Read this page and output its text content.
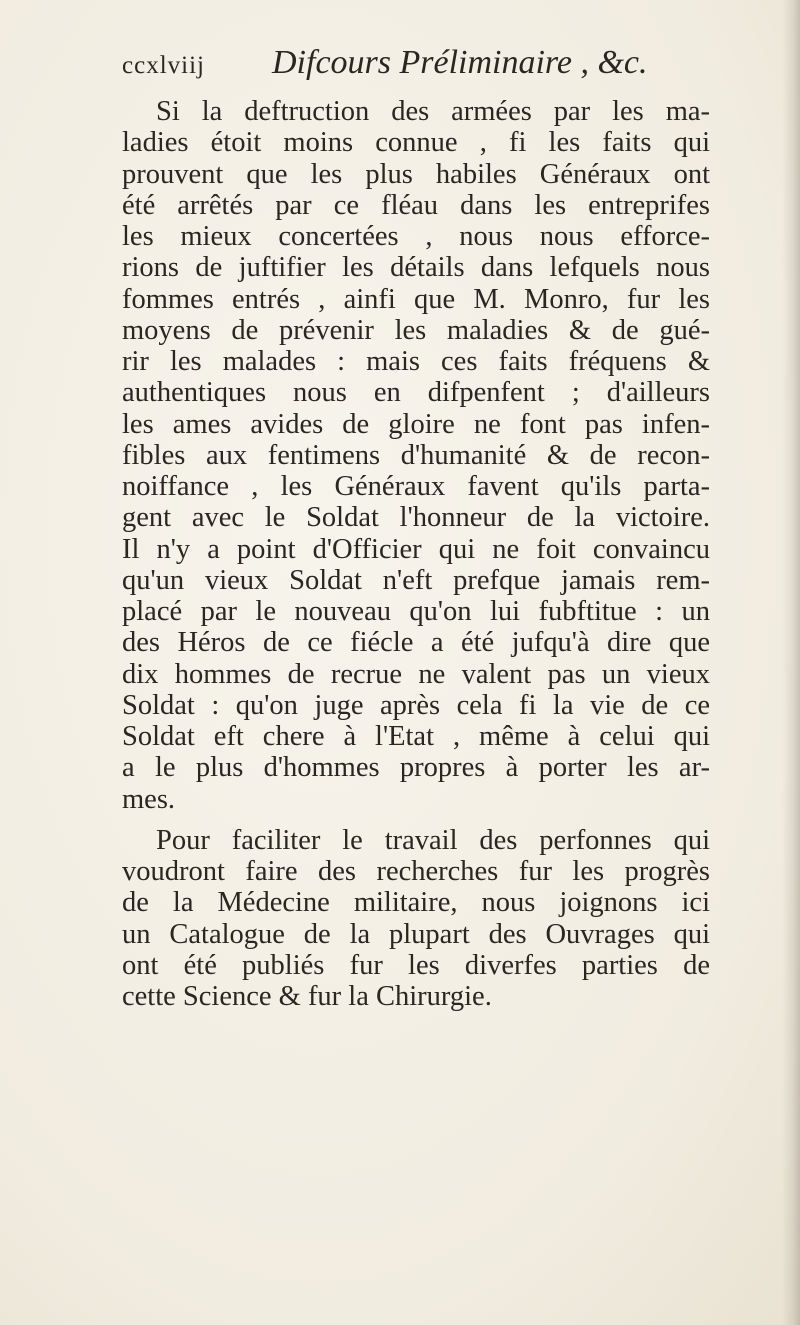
ccxlviij Difcours Préliminaire , &c.
Si la deftruction des armées par les ma-
ladies étoit moins connue , fi les faits qui
prouvent que les plus habiles Généraux ont
été arrêtés par ce fléau dans les entreprifes
les mieux concertées , nous nous efforce-
rions de juftifier les détails dans lefquels nous
fommes entrés , ainfi que M. Monro, fur les
moyens de prévenir les maladies & de gué-
rir les malades : mais ces faits fréquens &
authentiques nous en difpenfent ; d'ailleurs
les ames avides de gloire ne font pas infen-
fibles aux fentimens d'humanité & de recon-
noiffance , les Généraux favent qu'ils parta-
gent avec le Soldat l'honneur de la victoire.
Il n'y a point d'Officier qui ne foit convaincu
qu'un vieux Soldat n'eft prefque jamais rem-
placé par le nouveau qu'on lui fubftitue : un
des Héros de ce fiécle a été jufqu'à dire que
dix hommes de recrue ne valent pas un vieux
Soldat : qu'on juge après cela fi la vie de ce
Soldat eft chere à l'Etat , même à celui qui
a le plus d'hommes propres à porter les ar-
mes.
Pour faciliter le travail des perfonnes qui
voudront faire des recherches fur les progrès
de la Médecine militaire, nous joignons ici
un Catalogue de la plupart des Ouvrages qui
ont été publiés fur les diverfes parties de
cette Science & fur la Chirurgie.
